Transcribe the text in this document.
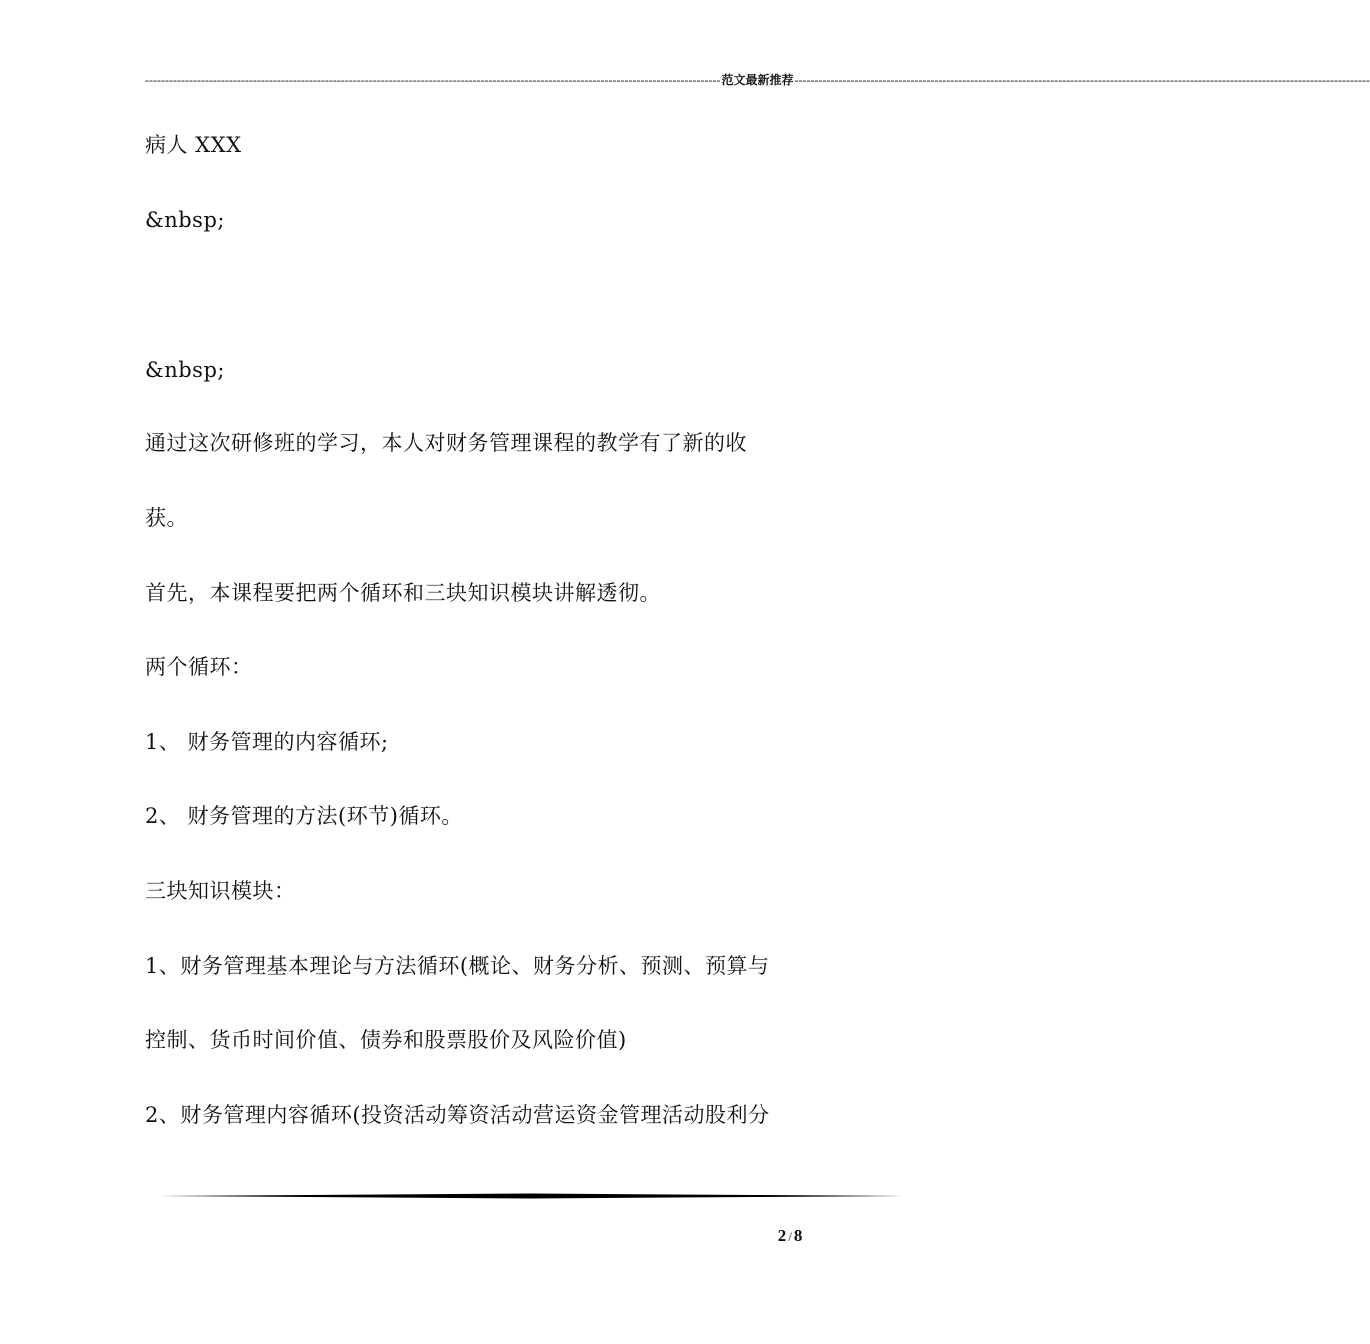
------------------------------------------------------------------------------------------------------------------------------------------------ 范文最新推荐 ------------------------------------------------------------------------------------------------------------------------------------------------
病人 XXX
&nbsp;
&nbsp;
通过这次研修班的学习，本人对财务管理课程的教学有了新的收
获。
首先，本课程要把两个循环和三块知识模块讲解透彻。
两个循环：
1、 财务管理的内容循环;
2、 财务管理的方法(环节)循环。
三块知识模块：
1、财务管理基本理论与方法循环(概论、财务分析、预测、预算与
控制、货币时间价值、债券和股票股价及风险价值)
2、财务管理内容循环(投资活动筹资活动营运资金管理活动股利分
2 / 8
